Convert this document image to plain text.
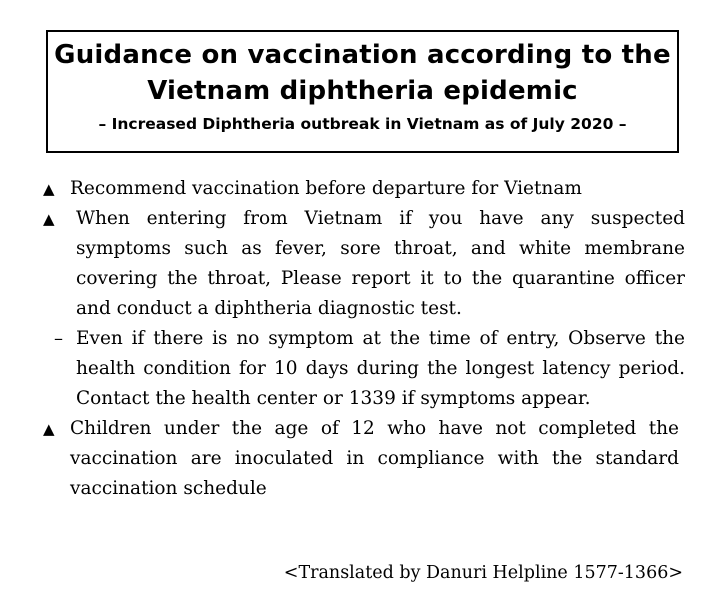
Guidance on vaccination according to the
Vietnam diphtheria epidemic
– Increased Diphtheria outbreak in Vietnam as of July 2020 –
▲ Recommend vaccination before departure for Vietnam
▲ When entering from Vietnam if you have any suspected symptoms such as fever, sore throat, and white membrane covering the throat, Please report it to the quarantine officer and conduct a diphtheria diagnostic test.
– Even if there is no symptom at the time of entry, Observe the health condition for 10 days during the longest latency period. Contact the health center or 1339 if symptoms appear.
▲ Children under the age of 12 who have not completed the vaccination are inoculated in compliance with the standard vaccination schedule
<Translated by Danuri Helpline 1577-1366>
